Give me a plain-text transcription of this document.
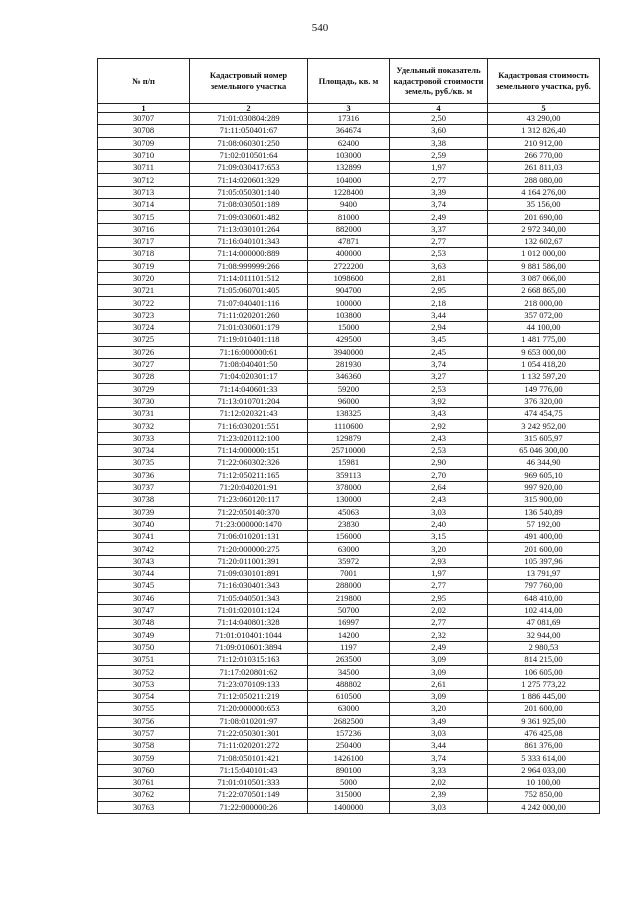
540
№ п/п	Кадастровый номер земельного участка	Площадь, кв. м	Удельный показатель кадастровой стоимости земель, руб./кв. м	Кадастровая стоимость земельного участка, руб.
1	2	3	4	5
30707	71:01:030804:289	17316	2,50	43 290,00
30708	71:11:050401:67	364674	3,60	1 312 826,40
30709	71:08:060301:250	62400	3,38	210 912,00
30710	71:02:010501:64	103000	2,59	266 770,00
30711	71:09:030417:653	132899	1,97	261 811,03
30712	71:14:020601:329	104000	2,77	288 080,00
30713	71:05:050301:140	1228400	3,39	4 164 276,00
30714	71:08:030501:189	9400	3,74	35 156,00
30715	71:09:030601:482	81000	2,49	201 690,00
30716	71:13:030101:264	882000	3,37	2 972 340,00
30717	71:16:040101:343	47871	2,77	132 602,67
30718	71:14:000000:889	400000	2,53	1 012 000,00
30719	71:08:999999:266	2722200	3,63	9 881 586,00
30720	71:14:011101:512	1098600	2,81	3 087 066,00
30721	71:05:060701:405	904700	2,95	2 668 865,00
30722	71:07:040401:116	100000	2,18	218 000,00
30723	71:11:020201:260	103800	3,44	357 072,00
30724	71:01:030601:179	15000	2,94	44 100,00
30725	71:19:010401:118	429500	3,45	1 481 775,00
30726	71:16:000000:61	3940000	2,45	9 653 000,00
30727	71:08:040401:50	281930	3,74	1 054 418,20
30728	71:04:020301:17	346360	3,27	1 132 597,20
30729	71:14:040601:33	59200	2,53	149 776,00
30730	71:13:010701:204	96000	3,92	376 320,00
30731	71:12:020321:43	138325	3,43	474 454,75
30732	71:16:030201:551	1110600	2,92	3 242 952,00
30733	71:23:020112:100	129879	2,43	315 605,97
30734	71:14:000000:151	25710000	2,53	65 046 300,00
30735	71:22:060302:326	15981	2,90	46 344,90
30736	71:12:050211:165	359113	2,70	969 605,10
30737	71:20:040201:91	378000	2,64	997 920,00
30738	71:23:060120:117	130000	2,43	315 900,00
30739	71:22:050140:370	45063	3,03	136 540,89
30740	71:23:000000:1470	23830	2,40	57 192,00
30741	71:06:010201:131	156000	3,15	491 400,00
30742	71:20:000000:275	63000	3,20	201 600,00
30743	71:20:011001:391	35972	2,93	105 397,96
30744	71:09:030101:891	7001	1,97	13 791,97
30745	71:16:030401:343	288000	2,77	797 760,00
30746	71:05:040501:343	219800	2,95	648 410,00
30747	71:01:020101:124	50700	2,02	102 414,00
30748	71:14:040801:328	16997	2,77	47 081,69
30749	71:01:010401:1044	14200	2,32	32 944,00
30750	71:09:010601:3894	1197	2,49	2 980,53
30751	71:12:010315:163	263500	3,09	814 215,00
30752	71:17:020801:62	34500	3,09	106 605,00
30753	71:23:070109:133	488802	2,61	1 275 773,22
30754	71:12:050211:219	610500	3,09	1 886 445,00
30755	71:20:000000:653	63000	3,20	201 600,00
30756	71:08:010201:97	2682500	3,49	9 361 925,00
30757	71:22:050301:301	157236	3,03	476 425,08
30758	71:11:020201:272	250400	3,44	861 376,00
30759	71:08:050101:421	1426100	3,74	5 333 614,00
30760	71:15:040101:43	890100	3,33	2 964 033,00
30761	71:01:010501:333	5000	2,02	10 100,00
30762	71:22:070501:149	315000	2,39	752 850,00
30763	71:22:000000:26	1400000	3,03	4 242 000,00
